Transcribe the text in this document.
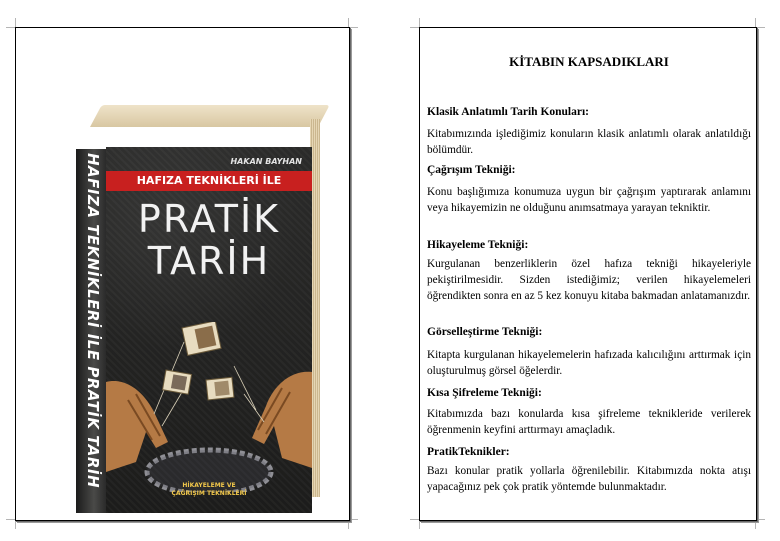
HAFIZA TEKNİKLERİ İLE PRATİK TARİH	HAKAN BAYHAN
HAFIZA TEKNİKLERİ İLE
PRATİK
TARİH
HİKAYELEME VE
ÇAĞRIŞIM TEKNİKLERİ
KİTABIN KAPSADIKLARI
Klasik Anlatımlı Tarih Konuları:
Kitabımızında işlediğimiz konuların klasik anlatımlı olarak anlatıldığı bölümdür.
Çağrışım Tekniği:
Konu başlığımıza konumuza uygun bir çağrışım yaptırarak anlamını veya hikayemizin ne olduğunu anımsatmaya yarayan tekniktir.
Hikayeleme Tekniği:
Kurgulanan benzerliklerin özel hafıza tekniği hikayeleriyle pekiştirilmesidir. Sizden istediğimiz; verilen hikayelemeleri öğrendikten sonra en az 5 kez konuyu kitaba bakmadan anlatamanızdır.
Görselleştirme Tekniği:
Kitapta kurgulanan hikayelemelerin hafızada kalıcılığını arttırmak için oluşturulmuş görsel öğelerdir.
Kısa Şifreleme Tekniği:
Kitabımızda bazı konularda kısa şifreleme teknikleride verilerek öğrenmenin keyfini arttırmayı amaçladık.
PratikTeknikler:
Bazı konular pratik yollarla öğrenilebilir. Kitabımızda nokta atışı yapacağınız pek çok pratik yöntemde bulunmaktadır.
